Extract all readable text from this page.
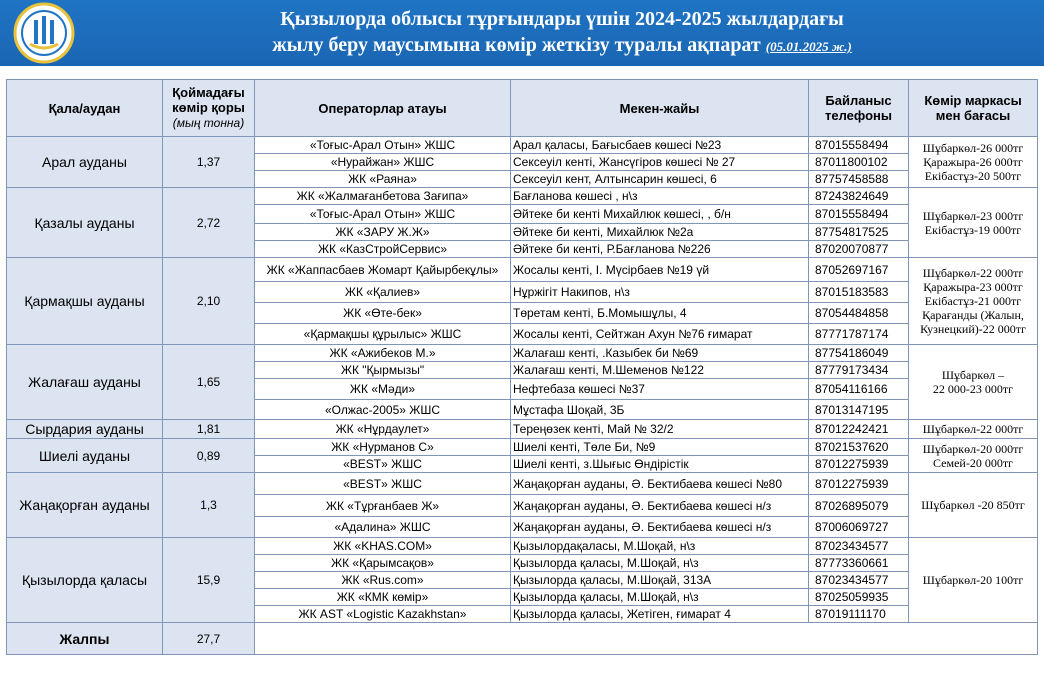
Қызылорда облысы тұрғындары үшін 2024-2025 жылдардағы
жылу беру маусымына көмір жеткізу туралы ақпарат (05.01.2025 ж.)
Қала/аудан	Қоймадағы
көмір қоры
(мың тонна)	Операторлар атауы	Мекен-жайы	Байланыс
телефоны	Көмір маркасы
мен бағасы
Арал ауданы	1,37	«Тоғыс-Арал Отын» ЖШС	Арал қаласы, Бағысбаев көшесі №23	87015558494	Шұбаркөл-26 000тг
Қаражыра-26 000тг
Екібастұз-20 500тг

		«Нурайжан» ЖШС	Сексеуіл кенті, Жансүгіров көшесі № 27	87011800102	
		ЖК «Раяна»	Сексеуіл кент, Алтынсарин көшесі, 6	87757458588	
Қазалы ауданы	2,72	ЖК «Жалмағанбетова Зағипа»	Бағланова көшесі , н\з	87243824649	Шұбаркөл-23 000тг
Екібастұз-19 000тг

		«Тоғыс-Арал Отын» ЖШС	Әйтеке би кенті Михайлюк көшесі, , б/н	87015558494	
		ЖК «ЗАРУ Ж.Ж»	Әйтеке би кенті, Михайлюк №2а	87754817525	
		ЖК «КазСтройСервис»	Әйтеке би кенті, Р.Бағланова №226	87020070877	
Қармақшы ауданы	2,10	ЖК «Жаппасбаев Жомарт Қайырбекұлы»	Жосалы кенті, І. Мүсірбаев №19 үй	87052697167	Шұбаркөл-22 000тг
Қаражыра-23 000тг
Екібастұз-21 000тг
Қарағанды (Жалын, Кузнецкий)-22 000тг

		ЖК «Қалиев»	Нұржігіт Накипов, н\з	87015183583	
		ЖК «Өте-бек»	Төретам кенті, Б.Момышұлы, 4	87054484858	
		«Қармақшы құрылыс» ЖШС	Жосалы кенті, Сейтжан Ахун №76 ғимарат	87771787174	
Жалағаш ауданы	1,65	ЖК «Ажибеков М.»	Жалағаш кенті, .Казыбек би №69	87754186049	Шұбаркөл –
22 000-23 000тг

		ЖК "Қырмызы"	Жалағаш кенті, М.Шеменов №122	87779173434	
		ЖК «Мәди»	Нефтебаза көшесі №37	87054116166	
		«Олжас-2005» ЖШС	Мұстафа Шоқай, 3Б	87013147195	
Сырдария ауданы	1,81	ЖК «Нұрдаулет»	Тереңөзек кенті, Май № 32/2	87012242421	Шұбаркөл-22 000тг

Шиелі ауданы	0,89	ЖК «Нурманов С»	Шиелі кенті, Төле Би, №9	87021537620	Шұбаркөл-20 000тг
Семей-20 000тг

		«BEST» ЖШС	Шиелі кенті, з.Шығыс Өндірістік	87012275939	
Жаңақорған ауданы	1,3	«BEST» ЖШС	Жаңақорған ауданы, Ә. Бектибаева көшесі №80	87012275939	Шұбаркөл -20 850тг

		ЖК «Тұрғанбаев Ж»	Жаңақорған ауданы, Ә. Бектибаева көшесі н/з	87026895079	
		«Адалина» ЖШС	Жаңақорған ауданы, Ә. Бектибаева көшесі н/з	87006069727	
Қызылорда қаласы	15,9	ЖК «KHAS.COM»	Қызылордақаласы, М.Шоқай, н\з	87023434577	Шұбаркөл-20 100тг

		ЖК «Қарымсақов»	Қызылорда қаласы, М.Шоқай, н\з	87773360661	
		ЖК «Rus.com»	Қызылорда қаласы, М.Шоқай, 313А	87023434577	
		ЖК «КМК көмір»	Қызылорда қаласы, М.Шоқай, н\з	87025059935	
		ЖК AST «Logistic Kazakhstan»	Қызылорда қаласы, Жетіген, ғимарат 4	87019111170	
Жалпы	27,7				
